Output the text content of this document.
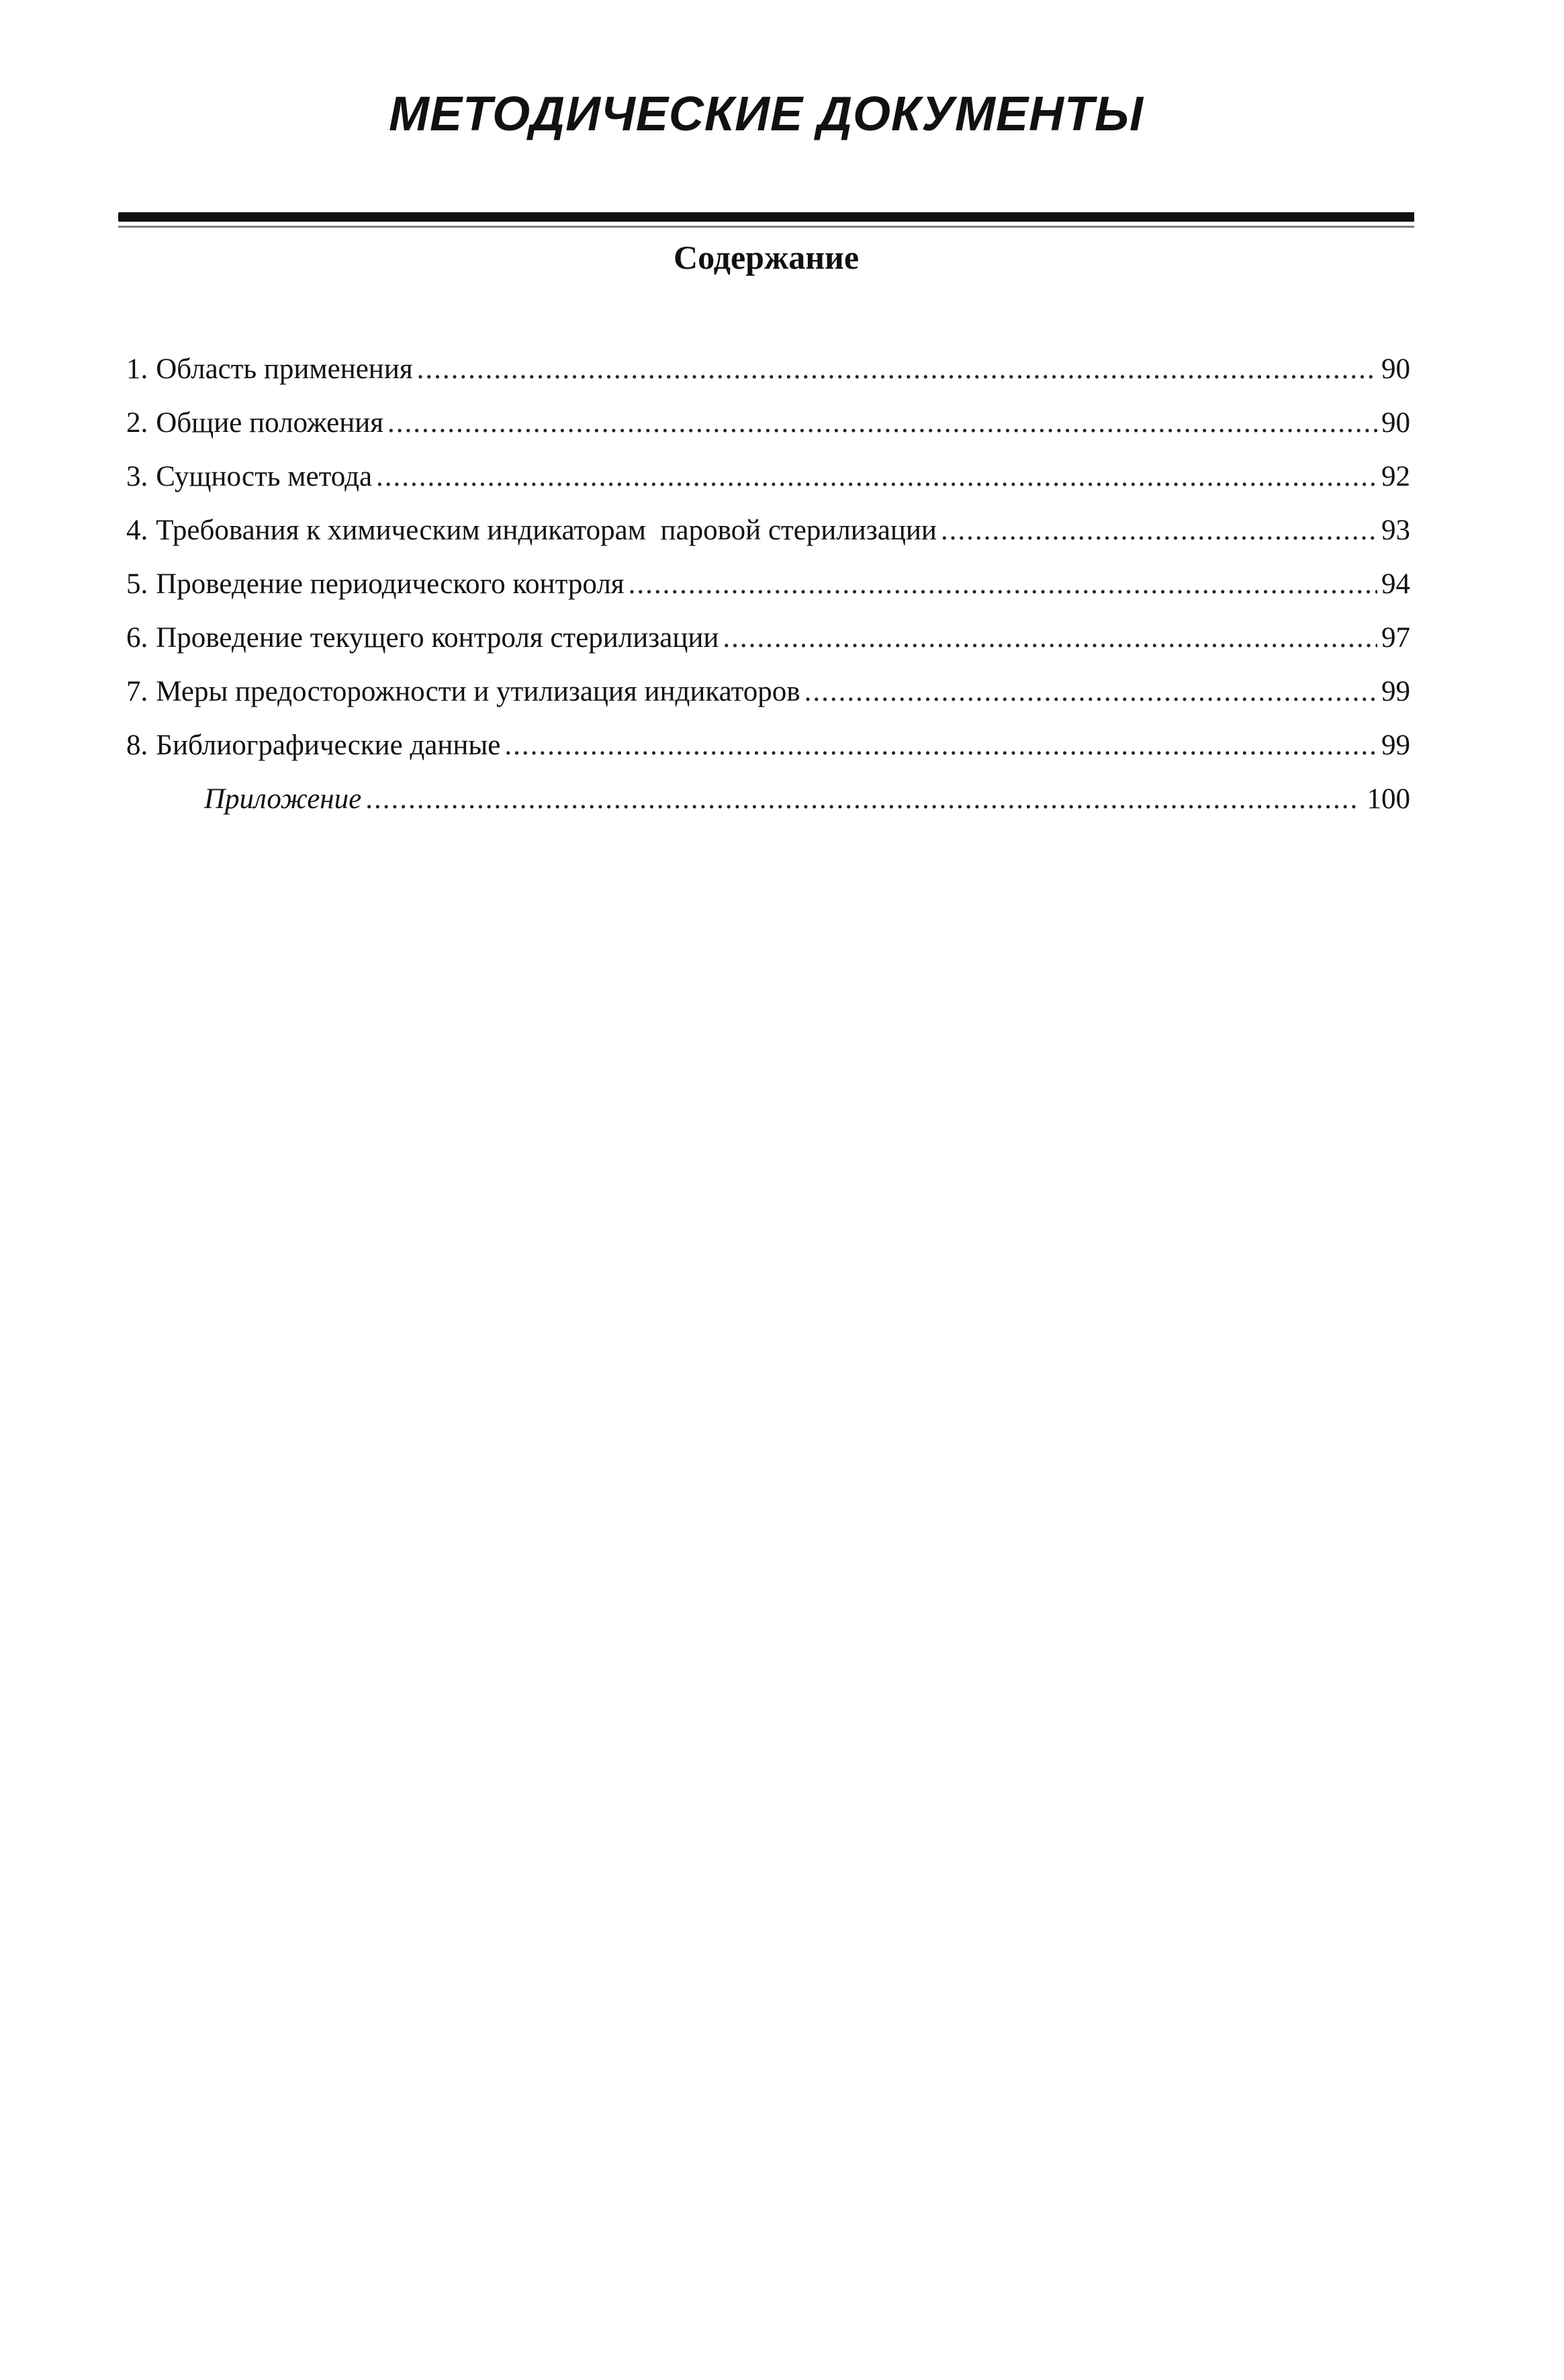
МЕТОДИЧЕСКИЕ ДОКУМЕНТЫ
Содержание
1. Область применения .....	90
2. Общие положения .....	90
3. Сущность метода .....	92
4. Требования к химическим индикаторам  паровой стерилизации .....	93
5. Проведение периодического контроля .....	94
6. Проведение текущего контроля стерилизации .....	97
7. Меры предосторожности и утилизация индикаторов .....	99
8. Библиографические данные .....	99
Приложение .....	100
